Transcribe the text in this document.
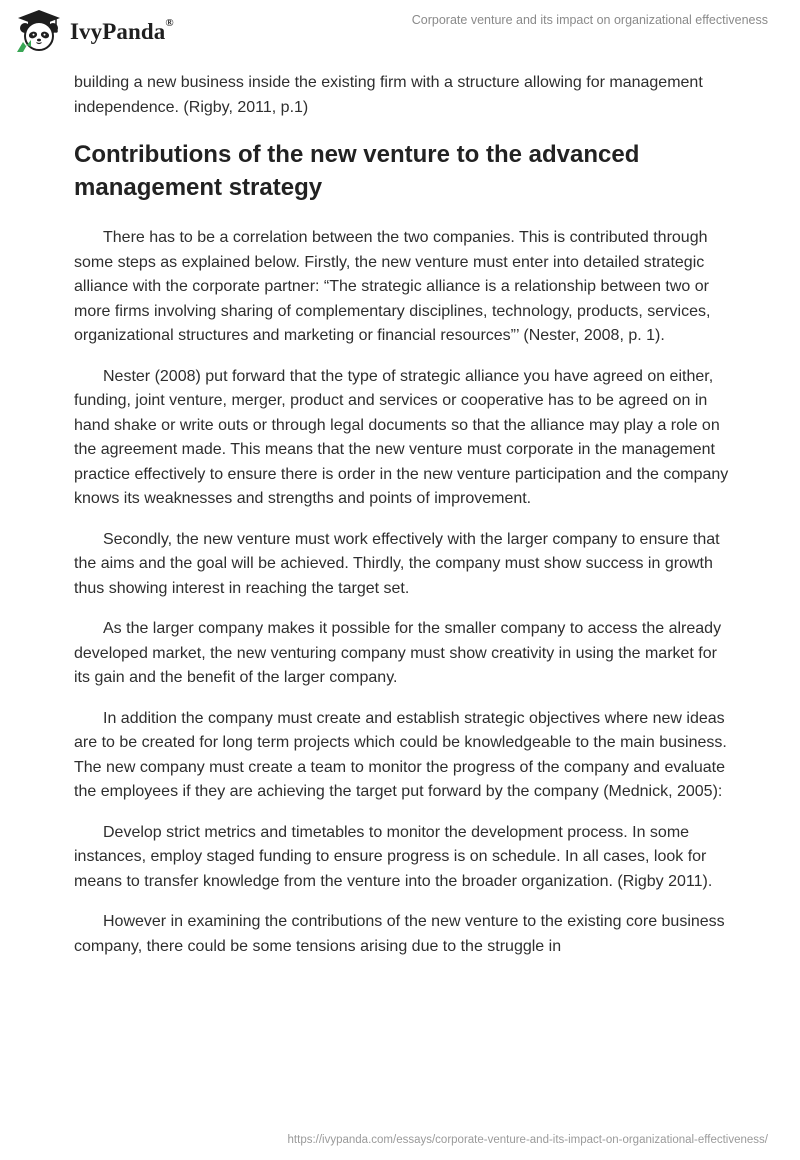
IvyPanda®	Corporate venture and its impact on organizational effectiveness

building a new business inside the existing firm with a structure allowing for management independence. (Rigby, 2011, p.1)

Contributions of the new venture to the advanced management strategy

There has to be a correlation between the two companies. This is contributed through some steps as explained below. Firstly, the new venture must enter into detailed strategic alliance with the corporate partner: “The strategic alliance is a relationship between two or more firms involving sharing of complementary disciplines, technology, products, services, organizational structures and marketing or financial resources”’ (Nester, 2008, p. 1).

Nester (2008) put forward that the type of strategic alliance you have agreed on either, funding, joint venture, merger, product and services or cooperative has to be agreed on in hand shake or write outs or through legal documents so that the alliance may play a role on the agreement made. This means that the new venture must corporate in the management practice effectively to ensure there is order in the new venture participation and the company knows its weaknesses and strengths and points of improvement.

Secondly, the new venture must work effectively with the larger company to ensure that the aims and the goal will be achieved. Thirdly, the company must show success in growth thus showing interest in reaching the target set.

As the larger company makes it possible for the smaller company to access the already developed market, the new venturing company must show creativity in using the market for its gain and the benefit of the larger company.

In addition the company must create and establish strategic objectives where new ideas are to be created for long term projects which could be knowledgeable to the main business. The new company must create a team to monitor the progress of the company and evaluate the employees if they are achieving the target put forward by the company (Mednick, 2005):

Develop strict metrics and timetables to monitor the development process. In some instances, employ staged funding to ensure progress is on schedule. In all cases, look for means to transfer knowledge from the venture into the broader organization. (Rigby 2011).

However in examining the contributions of the new venture to the existing core business company, there could be some tensions arising due to the struggle in

https://ivypanda.com/essays/corporate-venture-and-its-impact-on-organizational-effectiveness/
